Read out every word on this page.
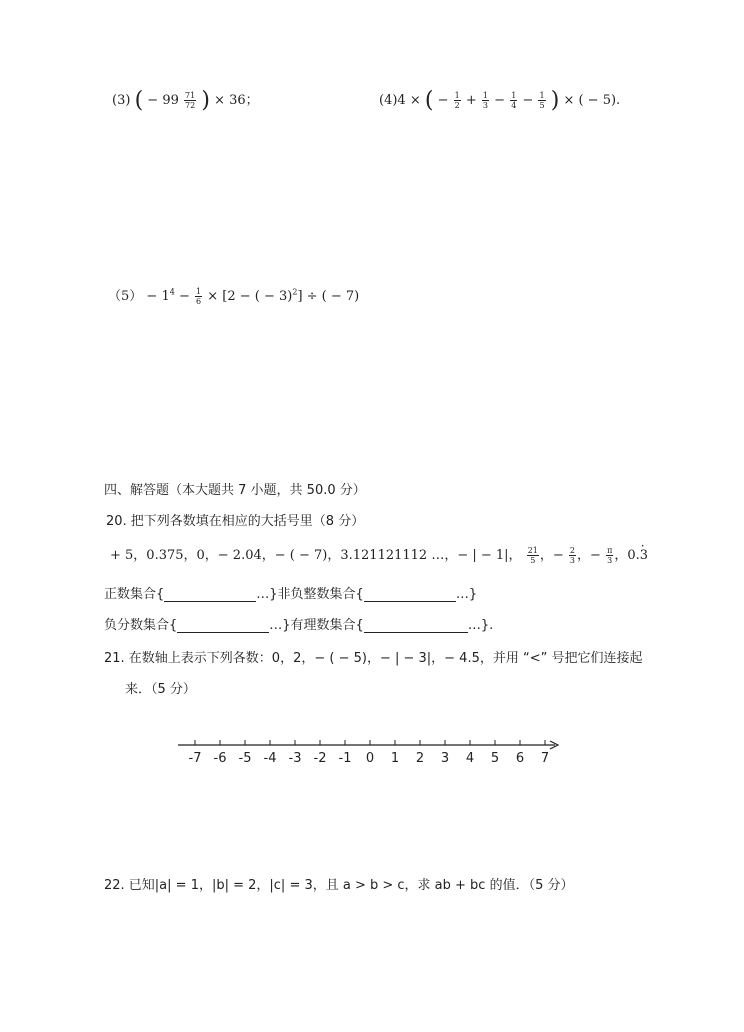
(3) ( − $99 \frac{71}{72}$ ) × 36；	(4)4 × ( − $\frac{1}{2} + \frac{1}{3} - \frac{1}{4} - \frac{1}{5}$ ) × ( − 5).
$(5) - 1^4 - \frac{1}{6} \times [2$ − ( − 3)$^2$] ÷ ( − 7)
四、解答题（本大题共 7 小题，共 50.0 分）
20. 把下列各数填在相应的大括号里（8 分）
+ 5，0.375，0，− 2.04，− ( − 7)，3.121121112 …，− | − 1|， $\frac{21}{5}$ ，− $\frac{2}{3}$ ，− $\frac{\pi}{3}$ ，0.3 ·
正数集合{	…}非负整数集合{	…}
负分数集合{	…}有理数集合{	…}.
21. 在数轴上表示下列各数：0，2，− ( − 5)，− | − 3|，− 4.5，并用 “<” 号把它们连接起
来．（5 分）
-7 -6 -5 -4 -3 -2 -1 0 1 2 3 4 5 6 7
22. 已知|a| = 1，|b| = 2，|c| = 3，且 a > b > c，求 ab + bc 的值．（5 分）
